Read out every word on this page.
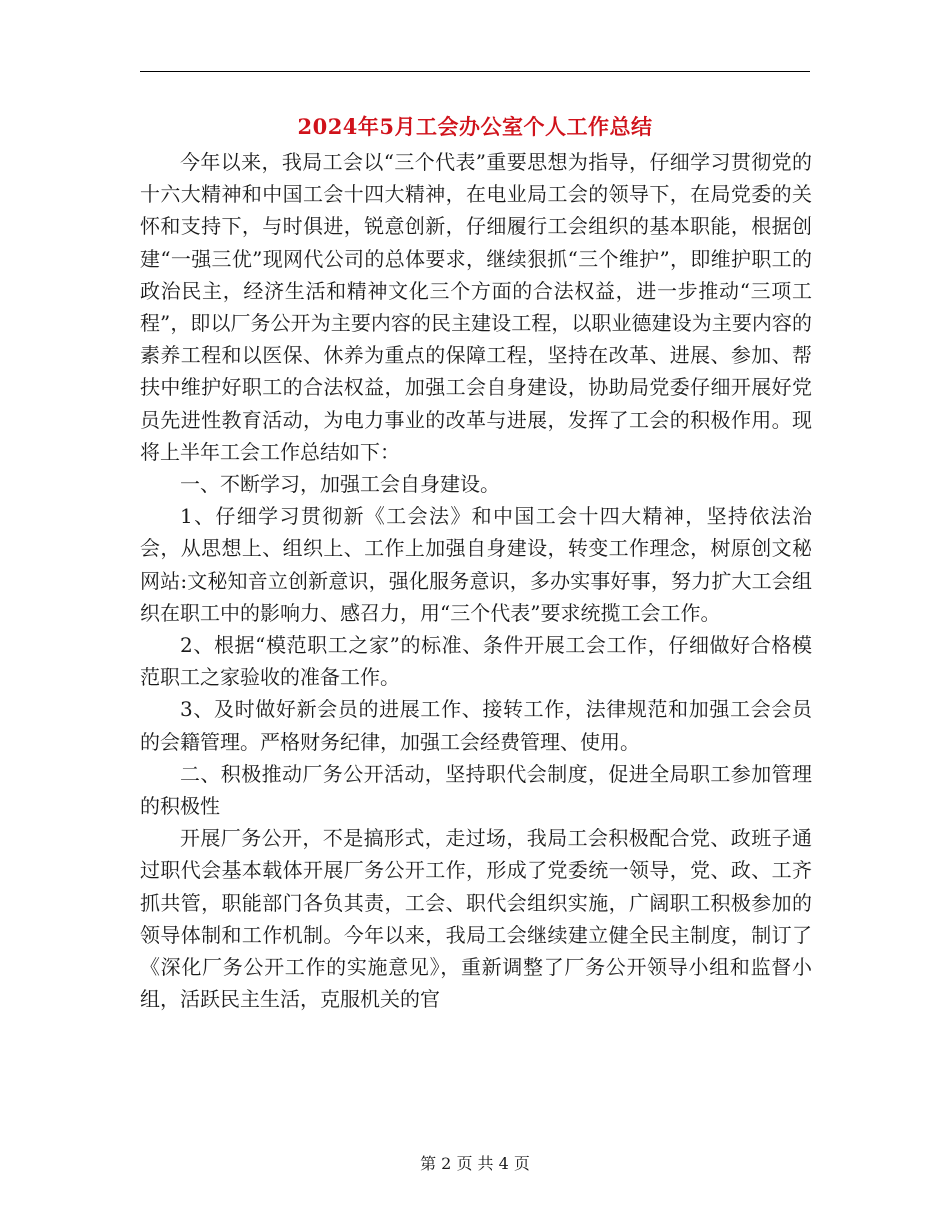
2024年5月工会办公室个人工作总结

今年以来，我局工会以“三个代表”重要思想为指导，仔细学习贯彻党的十六大精神和中国工会十四大精神，在电业局工会的领导下，在局党委的关怀和支持下，与时俱进，锐意创新，仔细履行工会组织的基本职能，根据创建“一强三优”现网代公司的总体要求，继续狠抓“三个维护”，即维护职工的政治民主，经济生活和精神文化三个方面的合法权益，进一步推动“三项工程”，即以厂务公开为主要内容的民主建设工程，以职业德建设为主要内容的素养工程和以医保、休养为重点的保障工程，坚持在改革、进展、参加、帮扶中维护好职工的合法权益，加强工会自身建设，协助局党委仔细开展好党员先进性教育活动，为电力事业的改革与进展，发挥了工会的积极作用。现将上半年工会工作总结如下：

一、不断学习，加强工会自身建设。

1、仔细学习贯彻新《工会法》和中国工会十四大精神，坚持依法治会，从思想上、组织上、工作上加强自身建设，转变工作理念，树原创文秘网站:文秘知音立创新意识，强化服务意识，多办实事好事，努力扩大工会组织在职工中的影响力、感召力，用“三个代表”要求统揽工会工作。

2、根据“模范职工之家”的标准、条件开展工会工作，仔细做好合格模范职工之家验收的准备工作。

3、及时做好新会员的进展工作、接转工作，法律规范和加强工会会员的会籍管理。严格财务纪律，加强工会经费管理、使用。

二、积极推动厂务公开活动，坚持职代会制度，促进全局职工参加管理的积极性

开展厂务公开，不是搞形式，走过场，我局工会积极配合党、政班子通过职代会基本载体开展厂务公开工作，形成了党委统一领导，党、政、工齐抓共管，职能部门各负其责，工会、职代会组织实施，广阔职工积极参加的领导体制和工作机制。今年以来，我局工会继续建立健全民主制度，制订了《深化厂务公开工作的实施意见》，重新调整了厂务公开领导小组和监督小组，活跃民主生活，克服机关的官

第 2 页 共 4 页
